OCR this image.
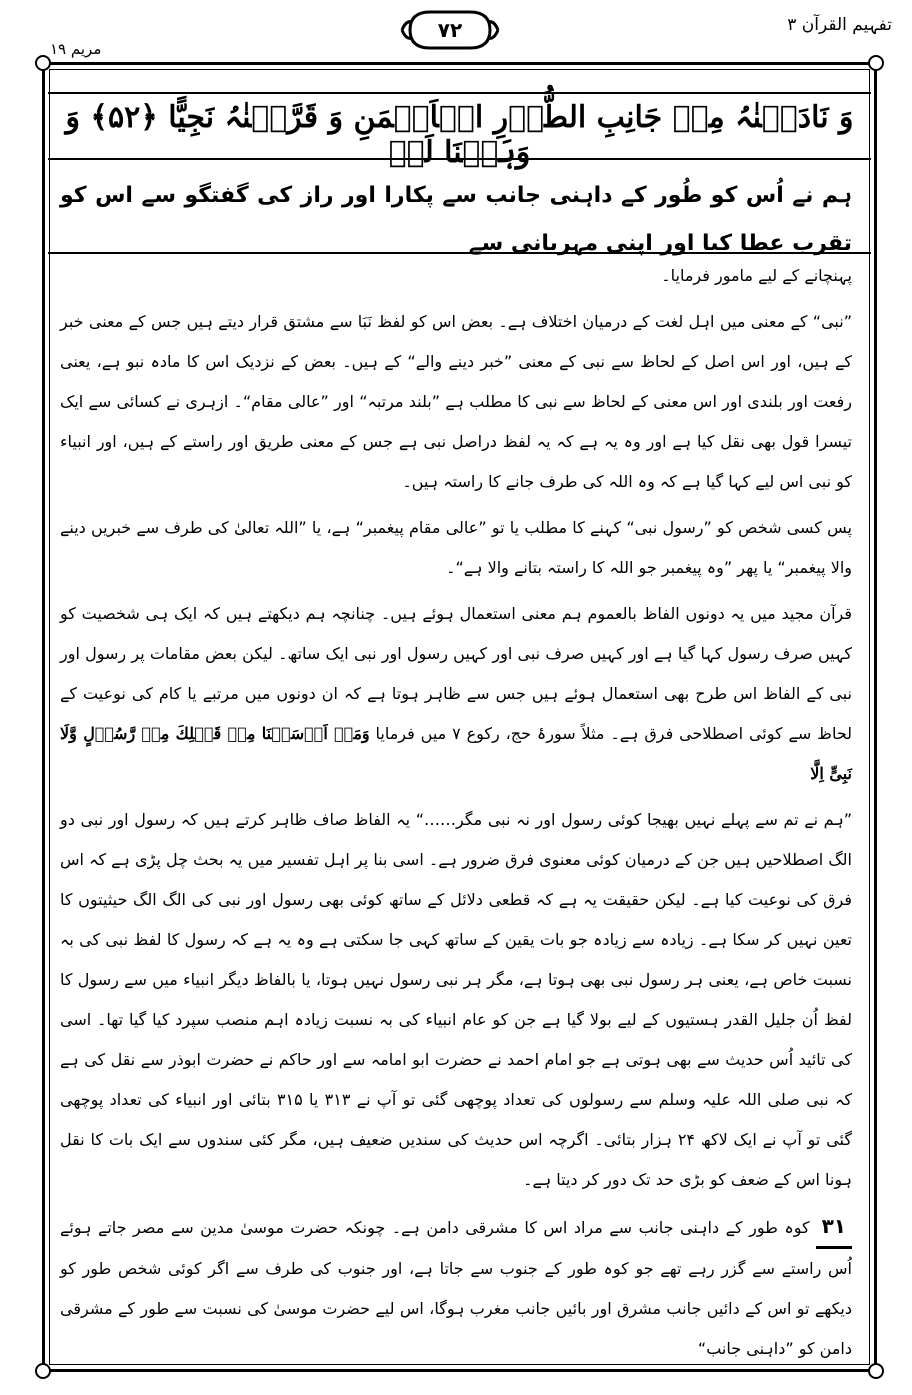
تفہیم القرآن ۳
۷۲
مریم ۱۹
وَ نَادَیۡنٰہُ مِنۡ جَانِبِ الطُّوۡرِ الۡاَیۡمَنِ وَ قَرَّبۡنٰہُ نَجِیًّا ﴿۵۲﴾ وَ وَہَبۡنَا لَہٗ
ہم نے اُس کو طُور کے داہنی جانب سے پکارا اور راز کی گفتگو سے اس کو تقرب عطا کیا اور اپنی مہربانی سے

پہنچانے کے لیے مامور فرمایا۔

”نبی“ کے معنی میں اہل لغت کے درمیان اختلاف ہے۔ بعض اس کو لفظ نَبَا سے مشتق قرار دیتے ہیں جس کے معنی خبر کے ہیں، اور اس اصل کے لحاظ سے نبی کے معنی ”خبر دینے والے“ کے ہیں۔ بعض کے نزدیک اس کا مادہ نبو ہے، یعنی رفعت اور بلندی اور اس معنی کے لحاظ سے نبی کا مطلب ہے ”بلند مرتبہ“ اور ”عالی مقام“۔ ازہری نے کسائی سے ایک تیسرا قول بھی نقل کیا ہے اور وہ یہ ہے کہ یہ لفظ دراصل نبی ہے جس کے معنی طریق اور راستے کے ہیں، اور انبیاء کو نبی اس لیے کہا گیا ہے کہ وہ اللہ کی طرف جانے کا راستہ ہیں۔

پس کسی شخص کو ”رسول نبی“ کہنے کا مطلب یا تو ”عالی مقام پیغمبر“ ہے، یا ”اللہ تعالیٰ کی طرف سے خبریں دینے والا پیغمبر“ یا پھر ”وہ پیغمبر جو اللہ کا راستہ بتانے والا ہے“۔

قرآن مجید میں یہ دونوں الفاظ بالعموم ہم معنی استعمال ہوئے ہیں۔ چنانچہ ہم دیکھتے ہیں کہ ایک ہی شخصیت کو کہیں صرف رسول کہا گیا ہے اور کہیں صرف نبی اور کہیں رسول اور نبی ایک ساتھ۔ لیکن بعض مقامات پر رسول اور نبی کے الفاظ اس طرح بھی استعمال ہوئے ہیں جس سے ظاہر ہوتا ہے کہ ان دونوں میں مرتبے یا کام کی نوعیت کے لحاظ سے کوئی اصطلاحی فرق ہے۔ مثلاً سورۂ حج، رکوع ۷ میں فرمایا وَمَاۤ اَرۡسَلۡنَا مِنۡ قَبۡلِكَ مِنۡ رَّسُوۡلٍ وَّلَا نَبِیٍّ اِلَّا

”ہم نے تم سے پہلے نہیں بھیجا کوئی رسول اور نہ نبی مگر……“ یہ الفاظ صاف ظاہر کرتے ہیں کہ رسول اور نبی دو الگ اصطلاحیں ہیں جن کے درمیان کوئی معنوی فرق ضرور ہے۔ اسی بنا پر اہل تفسیر میں یہ بحث چل پڑی ہے کہ اس فرق کی نوعیت کیا ہے۔ لیکن حقیقت یہ ہے کہ قطعی دلائل کے ساتھ کوئی بھی رسول اور نبی کی الگ الگ حیثیتوں کا تعین نہیں کر سکا ہے۔ زیادہ سے زیادہ جو بات یقین کے ساتھ کہی جا سکتی ہے وہ یہ ہے کہ رسول کا لفظ نبی کی بہ نسبت خاص ہے، یعنی ہر رسول نبی بھی ہوتا ہے، مگر ہر نبی رسول نہیں ہوتا، یا بالفاظ دیگر انبیاء میں سے رسول کا لفظ اُن جلیل القدر ہستیوں کے لیے بولا گیا ہے جن کو عام انبیاء کی بہ نسبت زیادہ اہم منصب سپرد کیا گیا تھا۔ اسی کی تائید اُس حدیث سے بھی ہوتی ہے جو امام احمد نے حضرت ابو امامہ سے اور حاکم نے حضرت ابوذر سے نقل کی ہے کہ نبی صلی اللہ علیہ وسلم سے رسولوں کی تعداد پوچھی گئی تو آپ نے ۳۱۳ یا ۳۱۵ بتائی اور انبیاء کی تعداد پوچھی گئی تو آپ نے ایک لاکھ ۲۴ ہزار بتائی۔ اگرچہ اس حدیث کی سندیں ضعیف ہیں، مگر کئی سندوں سے ایک بات کا نقل ہونا اس کے ضعف کو بڑی حد تک دور کر دیتا ہے۔

۳۱کوہ طور کے داہنی جانب سے مراد اس کا مشرقی دامن ہے۔ چونکہ حضرت موسیٰ مدین سے مصر جاتے ہوئے اُس راستے سے گزر رہے تھے جو کوہ طور کے جنوب سے جاتا ہے، اور جنوب کی طرف سے اگر کوئی شخص طور کو دیکھے تو اس کے دائیں جانب مشرق اور بائیں جانب مغرب ہوگا، اس لیے حضرت موسیٰ کی نسبت سے طور کے مشرقی دامن کو ”داہنی جانب“
